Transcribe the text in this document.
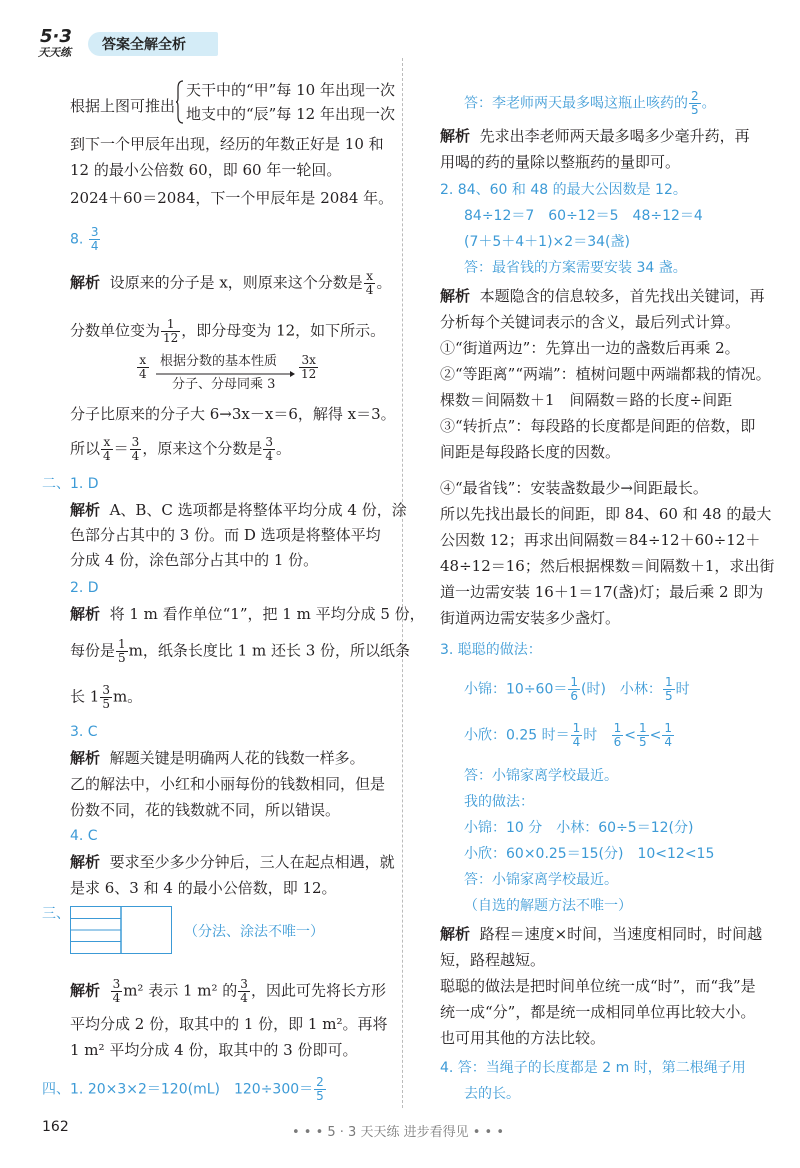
5·3
天天练 答案全解全析
根据上图可推出
天干中的“甲”每 10 年出现一次
地支中的“辰”每 12 年出现一次
到下一个甲辰年出现，经历的年数正好是 10 和
12 的最小公倍数 60，即 60 年一轮回。
2024＋60＝2084，下一个甲辰年是 2084 年。
8. $\frac{3}{4}$
解析 设原来的分子是 x，则原来这个分数是 $\frac{x}{4}$ 。
分数单位变为 $\frac{1}{12}$ ，即分母变为 12，如下所示。
$\frac{x}{4}$ 根据分数的基本性质
分子、分母同乘 3
$\frac{3x}{12}$
分子比原来的分子大 6→3x－x＝6，解得 x＝3。
所以 $\frac{x}{4} = \frac{3}{4}$ ，原来这个分数是 $\frac{3}{4}$ 。
二、1. D
解析 A、B、C 选项都是将整体平均分成 4 份，涂
色部分占其中的 3 份。而 D 选项是将整体平均
分成 4 份，涂色部分占其中的 1 份。
2. D
解析 将 1 m 看作单位“1”，把 1 m 平均分成 5 份，
每份是 $\frac{1}{5}$ m，纸条长度比 1 m 还长 3 份，所以纸条
长 $1 \frac{3}{5}$ m。
3. C
解析 解题关键是明确两人花的钱数一样多。
乙的解法中，小红和小丽每份的钱数相同，但是
份数不同，花的钱数就不同，所以错误。
4. C
解析 要求至少多少分钟后，三人在起点相遇，就
是求 6、3 和 4 的最小公倍数，即 12。
三、
（分法、涂法不唯一）
解析 $\frac{3}{4} m^2$ 表示 1 m² 的 $\frac{3}{4}$ ，因此可先将长方形
平均分成 2 份，取其中的 1 份，即 1 m²。再将
1 m² 平均分成 4 份，取其中的 3 份即可。
四、1. 20×3×2＝120(mL)　$120\div 300= \frac{2}{5}$
答：李老师两天最多喝这瓶止咳药的 $\frac{2}{5}$ 。
解析 先求出李老师两天最多喝多少毫升药，再
用喝的药的量除以整瓶药的量即可。
2. 84、60 和 48 的最大公因数是 12。
84÷12＝7　60÷12＝5　48÷12＝4
(7＋5＋4＋1)×2＝34(盏)
答：最省钱的方案需要安装 34 盏。
解析 本题隐含的信息较多，首先找出关键词，再
分析每个关键词表示的含义，最后列式计算。
①“街道两边”：先算出一边的盏数后再乘 2。
②“等距离”“两端”：植树问题中两端都栽的情况。
棵数＝间隔数＋1　间隔数＝路的长度÷间距
③“转折点”：每段路的长度都是间距的倍数，即
间距是每段路长度的因数。
④“最省钱”：安装盏数最少→间距最长。
所以先找出最长的间距，即 84、60 和 48 的最大
公因数 12；再求出间隔数＝84÷12＋60÷12＋
48÷12＝16；然后根据棵数＝间隔数＋1，求出街
道一边需安装 16＋1＝17(盏)灯；最后乘 2 即为
街道两边需安装多少盏灯。
3. 聪聪的做法：
小锦：$10\div 60= \frac{1}{6}$ (时)　小林： $\frac{1}{5}$ 时
小欣：0.25 时＝ $\frac{1}{4}$ 时 $\frac{1}{6} < \frac{1}{5} < \frac{1}{4}$
答：小锦家离学校最近。
我的做法：
小锦：10 分　小林：60÷5＝12(分)
小欣：60×0.25＝15(分)　10<12<15
答：小锦家离学校最近。
（自选的解题方法不唯一）
解析 路程＝速度×时间，当速度相同时，时间越
短，路程越短。
聪聪的做法是把时间单位统一成“时”，而“我”是
统一成“分”，都是统一成相同单位再比较大小。
也可用其他的方法比较。
4. 答：当绳子的长度都是 2 m 时，第二根绳子用
去的长。
162	• • • 5 · 3 天天练 进步看得见 • • •
